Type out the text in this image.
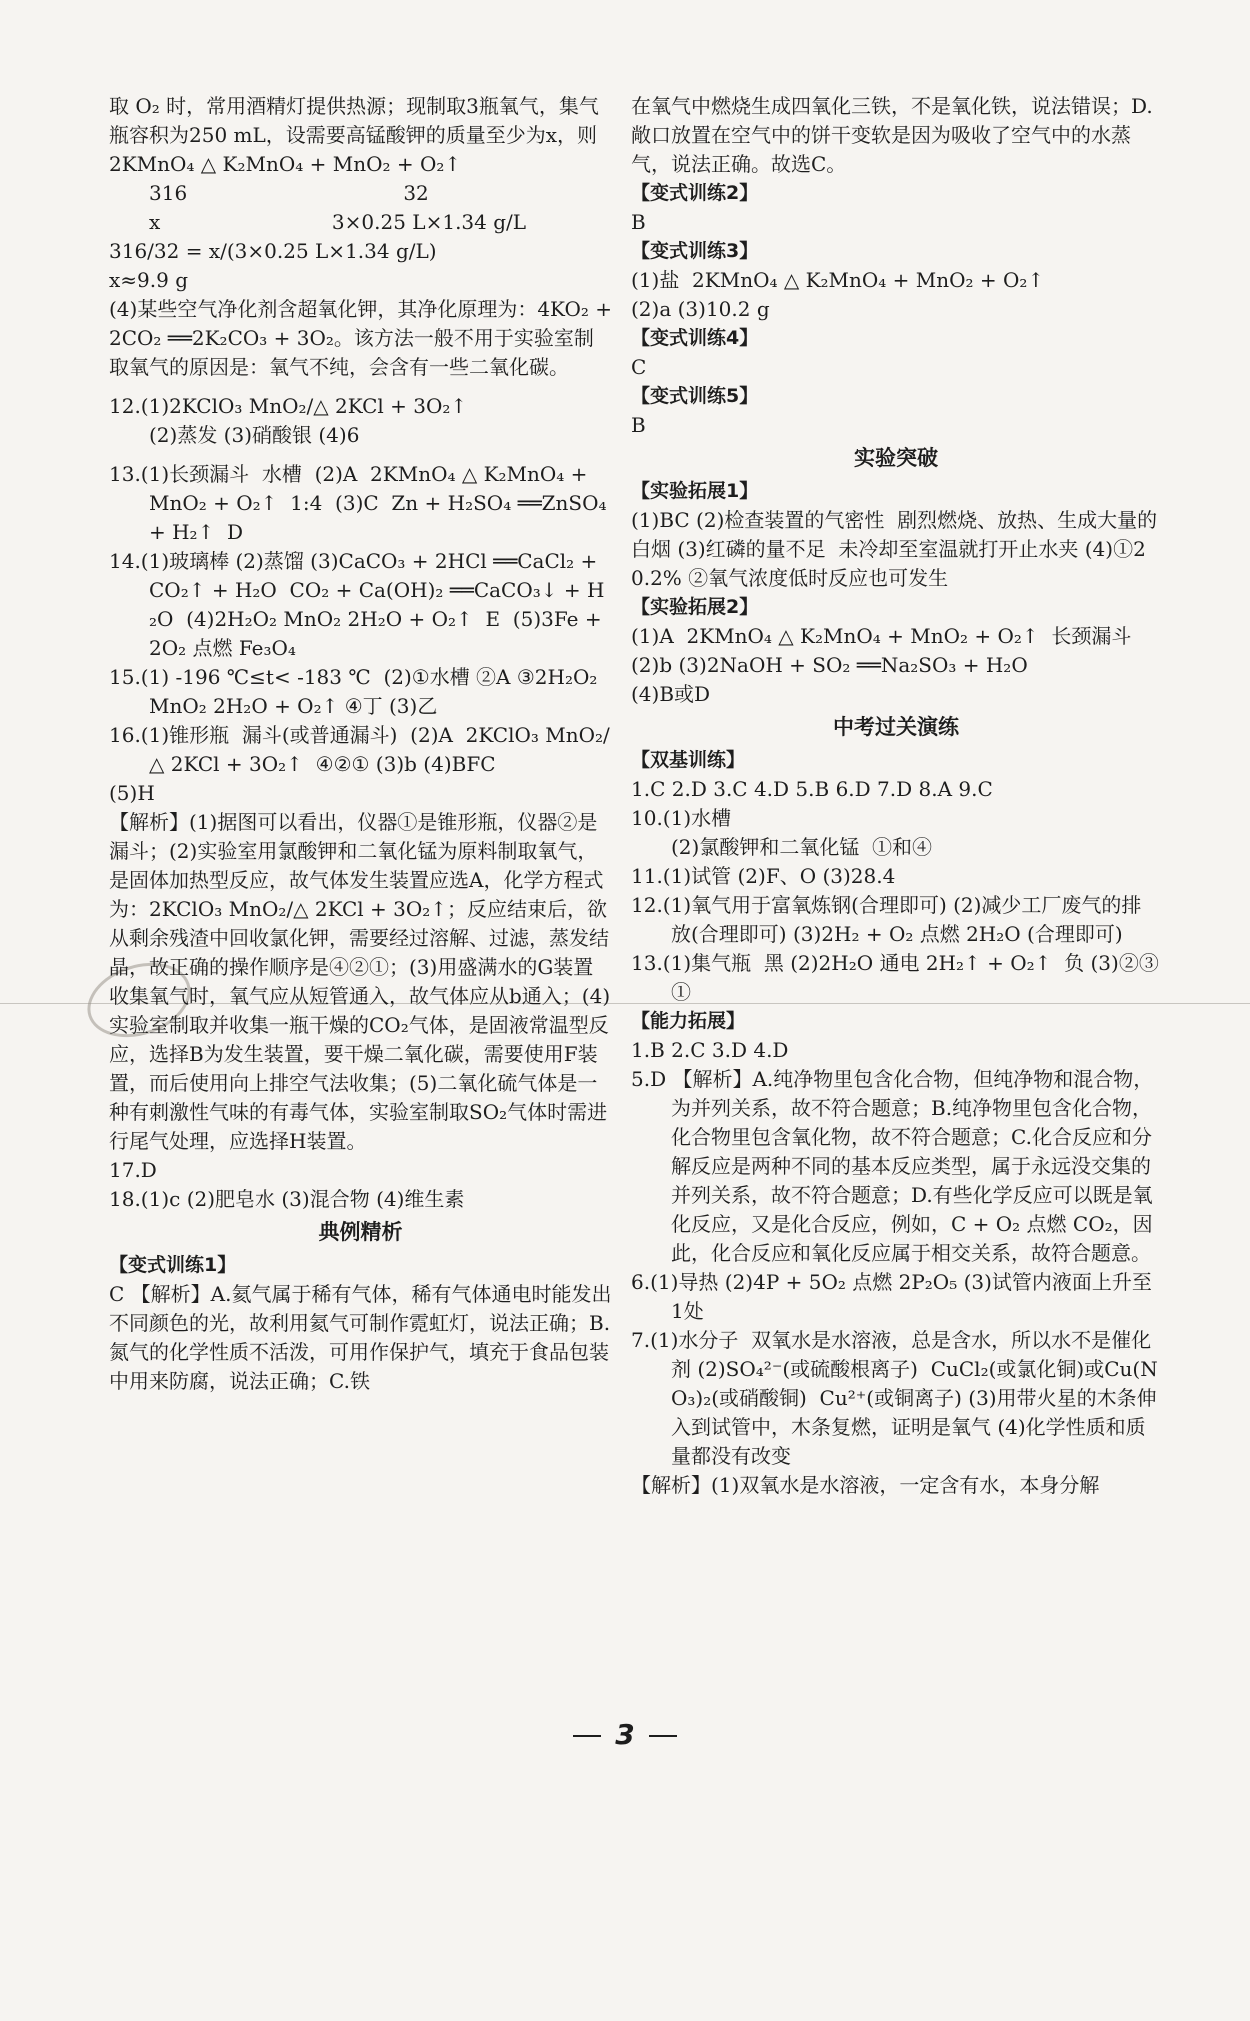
取 O₂ 时，常用酒精灯提供热源；现制取3瓶氧气，集气瓶容积为250 mL，设需要高锰酸钾的质量至少为x，则

2KMnO₄ △ K₂MnO₄ + MnO₂ + O₂↑

316                                  32

x                           3×0.25 L×1.34 g/L

316/32 = x/(3×0.25 L×1.34 g/L)

x≈9.9 g

(4)某些空气净化剂含超氧化钾，其净化原理为：4KO₂ + 2CO₂ ══2K₂CO₃ + 3O₂。该方法一般不用于实验室制取氧气的原因是：氧气不纯，会含有一些二氧化碳。

12.(1)2KClO₃ MnO₂/△ 2KCl + 3O₂↑

(2)蒸发 (3)硝酸银 (4)6

13.(1)长颈漏斗  水槽  (2)A  2KMnO₄ △ K₂MnO₄ + MnO₂ + O₂↑  1:4  (3)C  Zn + H₂SO₄ ══ZnSO₄ + H₂↑  D

14.(1)玻璃棒 (2)蒸馏 (3)CaCO₃ + 2HCl ══CaCl₂ + CO₂↑ + H₂O  CO₂ + Ca(OH)₂ ══CaCO₃↓ + H₂O  (4)2H₂O₂ MnO₂ 2H₂O + O₂↑  E  (5)3Fe + 2O₂ 点燃 Fe₃O₄

15.(1) -196 ℃≤t< -183 ℃  (2)①水槽 ②A ③2H₂O₂ MnO₂ 2H₂O + O₂↑ ④丁 (3)乙

16.(1)锥形瓶  漏斗(或普通漏斗)  (2)A  2KClO₃ MnO₂/△ 2KCl + 3O₂↑  ④②① (3)b (4)BFC

(5)H

【解析】(1)据图可以看出，仪器①是锥形瓶，仪器②是漏斗；(2)实验室用氯酸钾和二氧化锰为原料制取氧气，是固体加热型反应，故气体发生装置应选A，化学方程式为：2KClO₃ MnO₂/△ 2KCl + 3O₂↑；反应结束后，欲从剩余残渣中回收氯化钾，需要经过溶解、过滤，蒸发结晶，故正确的操作顺序是④②①；(3)用盛满水的G装置收集氧气时，氧气应从短管通入，故气体应从b通入；(4)实验室制取并收集一瓶干燥的CO₂气体，是固液常温型反应，选择B为发生装置，要干燥二氧化碳，需要使用F装置，而后使用向上排空气法收集；(5)二氧化硫气体是一种有刺激性气味的有毒气体，实验室制取SO₂气体时需进行尾气处理，应选择H装置。

17.D

18.(1)c (2)肥皂水 (3)混合物 (4)维生素

典例精析

【变式训练1】

C 【解析】A.氦气属于稀有气体，稀有气体通电时能发出不同颜色的光，故利用氦气可制作霓虹灯，说法正确；B.氮气的化学性质不活泼，可用作保护气，填充于食品包装中用来防腐，说法正确；C.铁

在氧气中燃烧生成四氧化三铁，不是氧化铁，说法错误；D.敞口放置在空气中的饼干变软是因为吸收了空气中的水蒸气，说法正确。故选C。

【变式训练2】

B

【变式训练3】

(1)盐  2KMnO₄ △ K₂MnO₄ + MnO₂ + O₂↑

(2)a (3)10.2 g

【变式训练4】

C

【变式训练5】

B

实验突破

【实验拓展1】

(1)BC (2)检查装置的气密性  剧烈燃烧、放热、生成大量的白烟 (3)红磷的量不足  未冷却至室温就打开止水夹 (4)①20.2% ②氧气浓度低时反应也可发生

【实验拓展2】

(1)A  2KMnO₄ △ K₂MnO₄ + MnO₂ + O₂↑  长颈漏斗

(2)b (3)2NaOH + SO₂ ══Na₂SO₃ + H₂O

(4)B或D

中考过关演练

【双基训练】

1.C 2.D 3.C 4.D 5.B 6.D 7.D 8.A 9.C

10.(1)水槽

(2)氯酸钾和二氧化锰  ①和④

11.(1)试管 (2)F、O (3)28.4

12.(1)氧气用于富氧炼钢(合理即可) (2)减少工厂废气的排放(合理即可) (3)2H₂ + O₂ 点燃 2H₂O (合理即可)

13.(1)集气瓶  黑 (2)2H₂O 通电 2H₂↑ + O₂↑  负 (3)②③①

【能力拓展】

1.B 2.C 3.D 4.D

5.D 【解析】A.纯净物里包含化合物，但纯净物和混合物，为并列关系，故不符合题意；B.纯净物里包含化合物，化合物里包含氧化物，故不符合题意；C.化合反应和分解反应是两种不同的基本反应类型，属于永远没交集的并列关系，故不符合题意；D.有些化学反应可以既是氧化反应，又是化合反应，例如，C + O₂ 点燃 CO₂，因此，化合反应和氧化反应属于相交关系，故符合题意。

6.(1)导热 (2)4P + 5O₂ 点燃 2P₂O₅ (3)试管内液面上升至1处

7.(1)水分子  双氧水是水溶液，总是含水，所以水不是催化剂 (2)SO₄²⁻(或硫酸根离子)  CuCl₂(或氯化铜)或Cu(NO₃)₂(或硝酸铜)  Cu²⁺(或铜离子) (3)用带火星的木条伸入到试管中，木条复燃，证明是氧气 (4)化学性质和质量都没有改变

【解析】(1)双氧水是水溶液，一定含有水，本身分解

3
